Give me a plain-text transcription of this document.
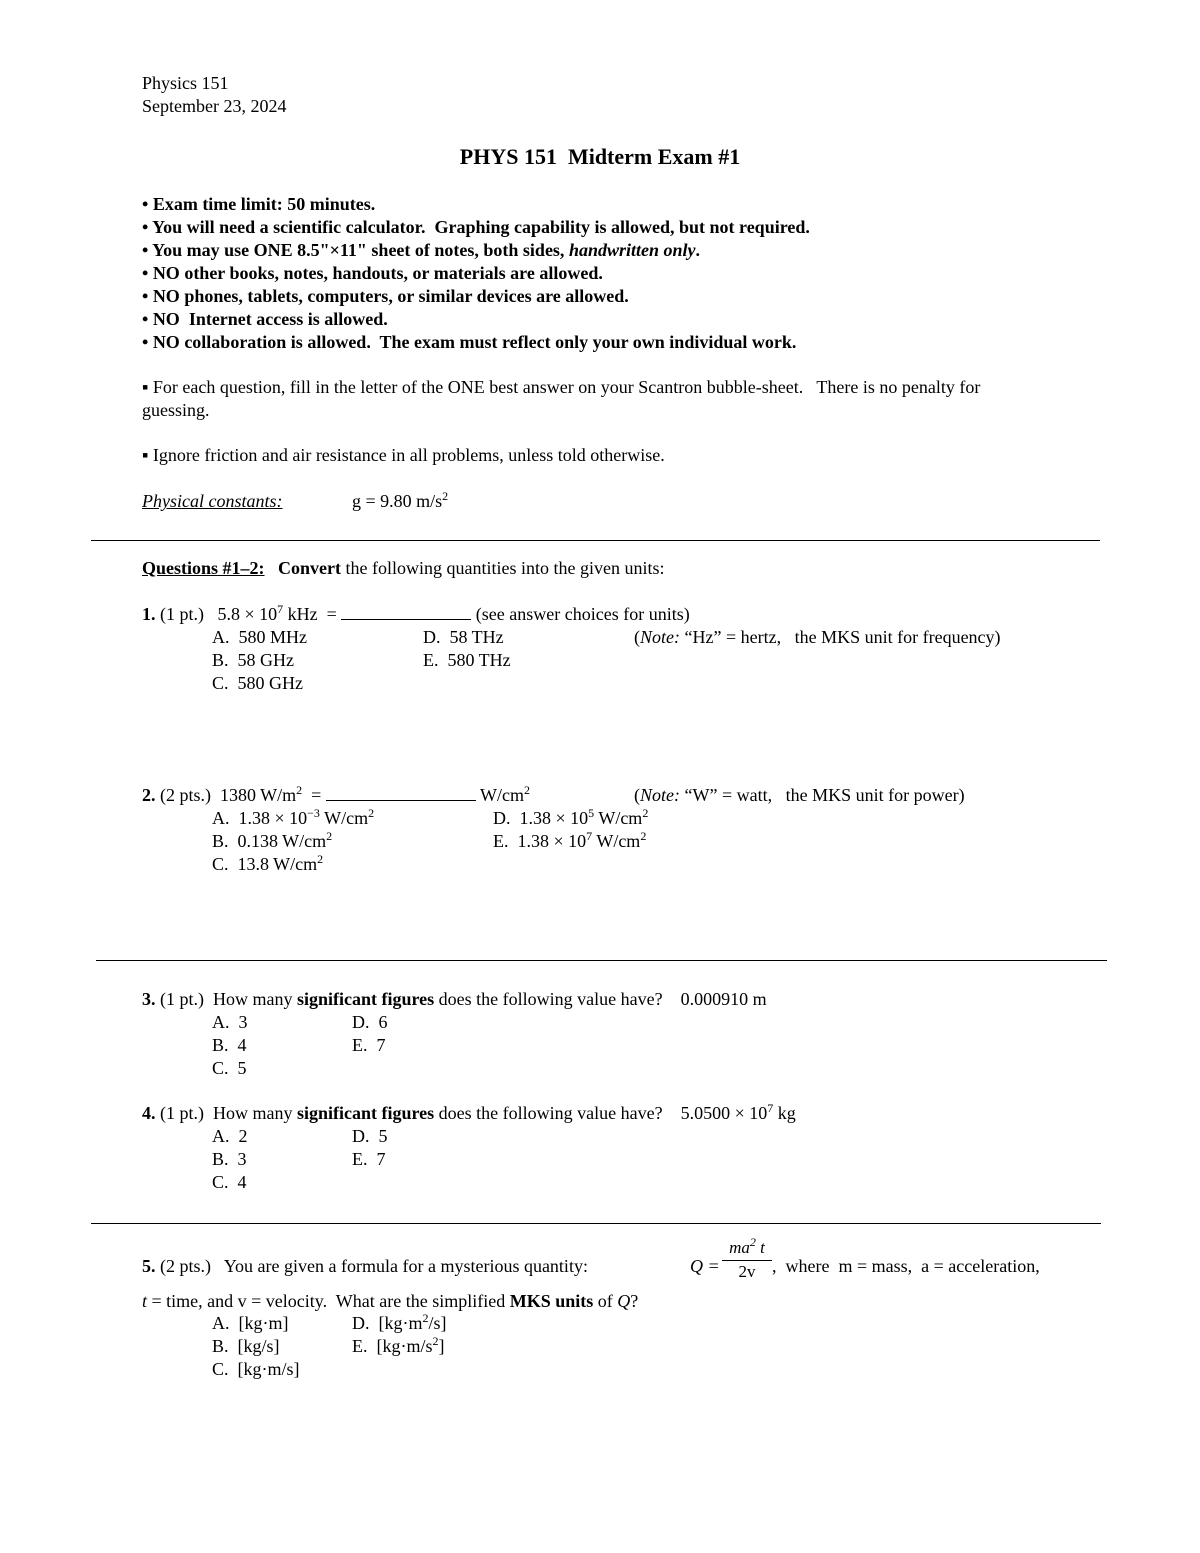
Physics 151
September 23, 2024
PHYS 151  Midterm Exam #1
• Exam time limit: 50 minutes.
• You will need a scientific calculator.  Graphing capability is allowed, but not required.
• You may use ONE 8.5"×11" sheet of notes, both sides, handwritten only.
• NO other books, notes, handouts, or materials are allowed.
• NO phones, tablets, computers, or similar devices are allowed.
• NO  Internet access is allowed.
• NO collaboration is allowed.  The exam must reflect only your own individual work.
▪ For each question, fill in the letter of the ONE best answer on your Scantron bubble-sheet.   There is no penalty for
guessing.
▪ Ignore friction and air resistance in all problems, unless told otherwise.
Physical constants:	g = 9.80 $m/s^2$
Questions #1–2: Convert the following quantities into the given units:
1. (1 pt.) $5.8 \times 10^7$ kHz  =	(see answer choices for units)
(Note: “Hz” = hertz,   the MKS unit for frequency)
A.  580 MHz
B.  58 GHz
C.  580 GHz
D.  58 THz
E.  580 THz
2. (2 pts.) 1380 $W/m^2$  =	$W/cm^2$	(Note: “W” = watt,   the MKS unit for power)
A.  $1.38 \times 10^{-3}$ $W/cm^2$
B.  0.138 $W/cm^2$
C.  13.8 $W/cm^2$
D.  $1.38 \times 10^5$ $W/cm^2$
E.  $1.38 \times 10^7$ $W/cm^2$
3. (1 pt.) How many significant figures does the following value have? 0.000910 m
A.  3
B.  4
C.  5
D.  6
E.  7
4. (1 pt.) How many significant figures does the following value have? $5.0500 \times 10^7$ kg
A.  2
B.  3
C.  4
D.  5
E.  7
5. (2 pts.) You are given a formula for a mysterious quantity:	$Q = \frac{ma^2 t}{2v}$ ,  where  m = mass,  a = acceleration,
t = time, and v = velocity.  What are the simplified MKS units of Q?
A.  [kg·m]
B.  [kg/s]
C.  [kg·m/s]
D.  $[kg\cdot m^2/s]$
E.  $[kg\cdot m/s^2]$
